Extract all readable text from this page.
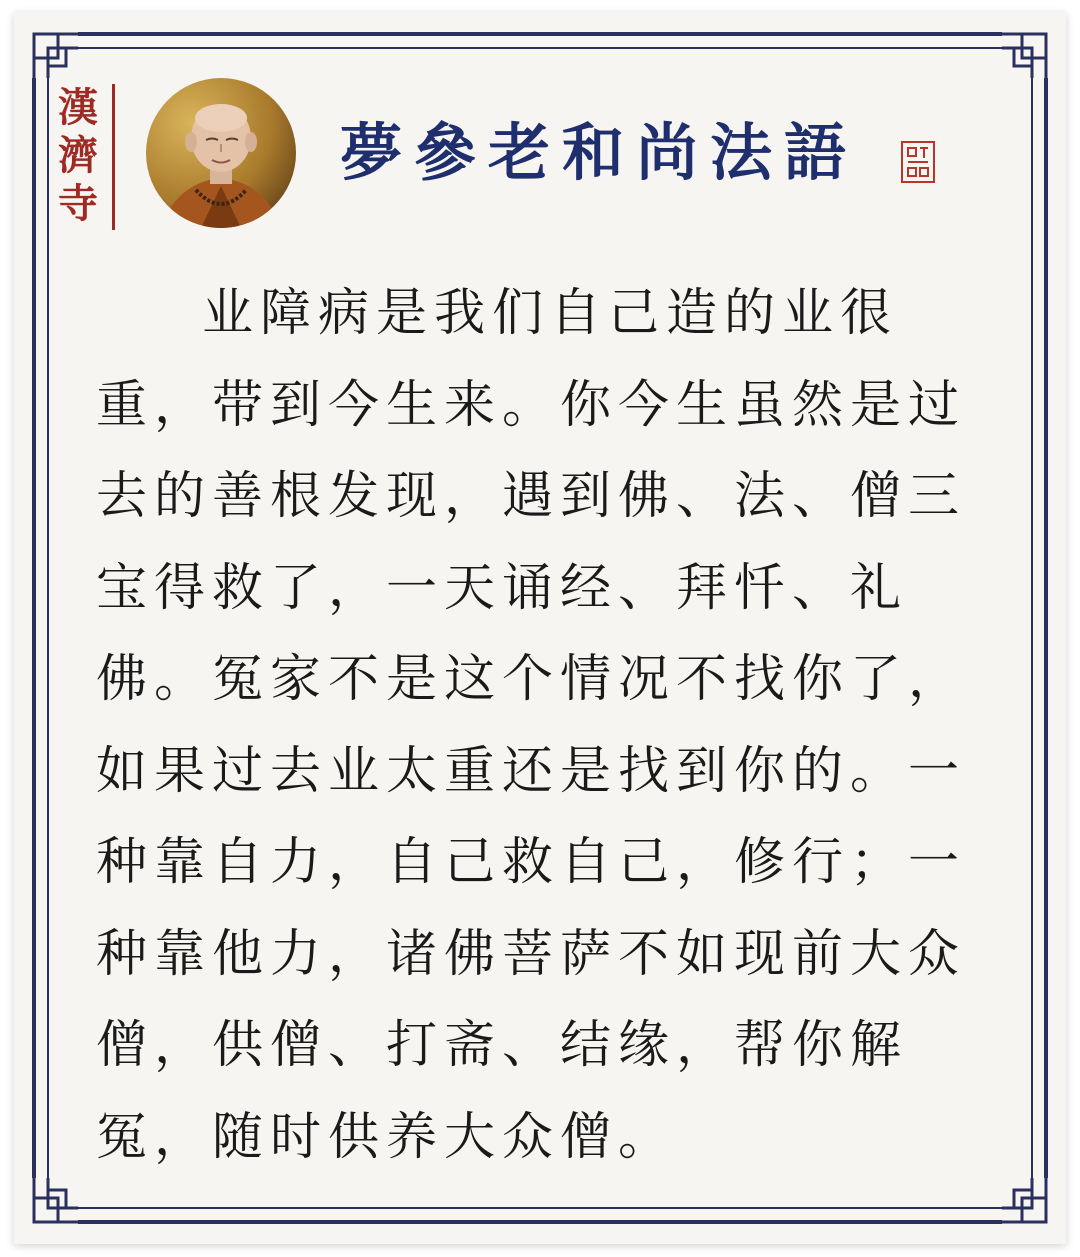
漢
濟
寺
夢參老和尚法語
业障病是我们自己造的业很重，带到今生来。你今生虽然是过去的善根发现，遇到佛、法、僧三宝得救了，一天诵经、拜忏、礼佛。冤家不是这个情况不找你了，如果过去业太重还是找到你的。一种靠自力，自己救自己，修行；一种靠他力，诸佛菩萨不如现前大众僧，供僧、打斋、结缘，帮你解冤，随时供养大众僧。
